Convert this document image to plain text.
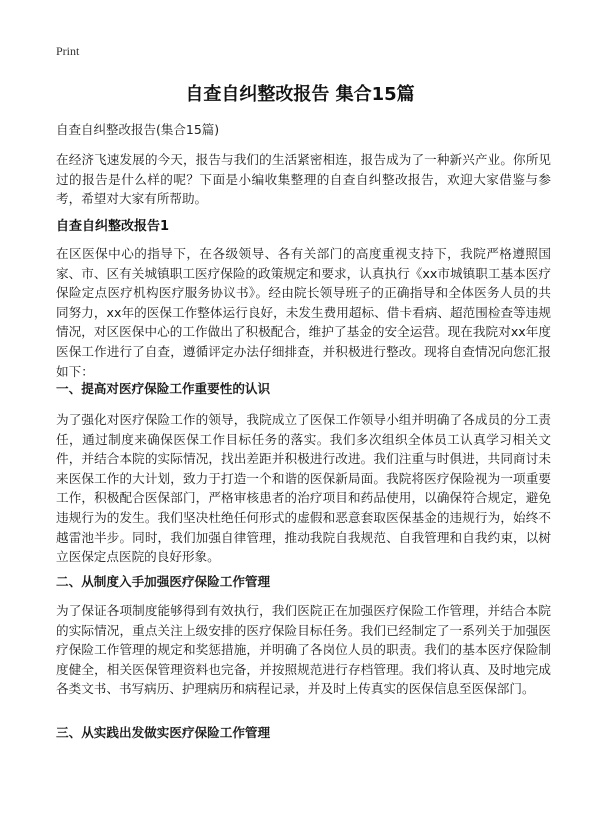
Print
自查自纠整改报告 集合15篇
自查自纠整改报告(集合15篇)

在经济飞速发展的今天，报告与我们的生活紧密相连，报告成为了一种新兴产业。你所见过的报告是什么样的呢？下面是小编收集整理的自查自纠整改报告，欢迎大家借鉴与参考，希望对大家有所帮助。

自查自纠整改报告1

在区医保中心的指导下，在各级领导、各有关部门的高度重视支持下，我院严格遵照国家、市、区有关城镇职工医疗保险的政策规定和要求，认真执行《xx市城镇职工基本医疗保险定点医疗机构医疗服务协议书》。经由院长领导班子的正确指导和全体医务人员的共同努力，xx年的医保工作整体运行良好，未发生费用超标、借卡看病、超范围检查等违规情况，对区医保中心的工作做出了积极配合，维护了基金的安全运营。现在我院对xx年度医保工作进行了自查，遵循评定办法仔细排查，并积极进行整改。现将自查情况向您汇报如下：

一、提高对医疗保险工作重要性的认识

为了强化对医疗保险工作的领导，我院成立了医保工作领导小组并明确了各成员的分工责任，通过制度来确保医保工作目标任务的落实。我们多次组织全体员工认真学习相关文件，并结合本院的实际情况，找出差距并积极进行改进。我们注重与时俱进，共同商讨未来医保工作的大计划，致力于打造一个和谐的医保新局面。我院将医疗保险视为一项重要工作，积极配合医保部门，严格审核患者的治疗项目和药品使用，以确保符合规定，避免违规行为的发生。我们坚决杜绝任何形式的虚假和恶意套取医保基金的违规行为，始终不越雷池半步。同时，我们加强自律管理，推动我院自我规范、自我管理和自我约束，以树立医保定点医院的良好形象。

二、从制度入手加强医疗保险工作管理

为了保证各项制度能够得到有效执行，我们医院正在加强医疗保险工作管理，并结合本院的实际情况，重点关注上级安排的医疗保险目标任务。我们已经制定了一系列关于加强医疗保险工作管理的规定和奖惩措施，并明确了各岗位人员的职责。我们的基本医疗保险制度健全，相关医保管理资料也完备，并按照规范进行存档管理。我们将认真、及时地完成各类文书、书写病历、护理病历和病程记录，并及时上传真实的医保信息至医保部门。

三、从实践出发做实医疗保险工作管理
